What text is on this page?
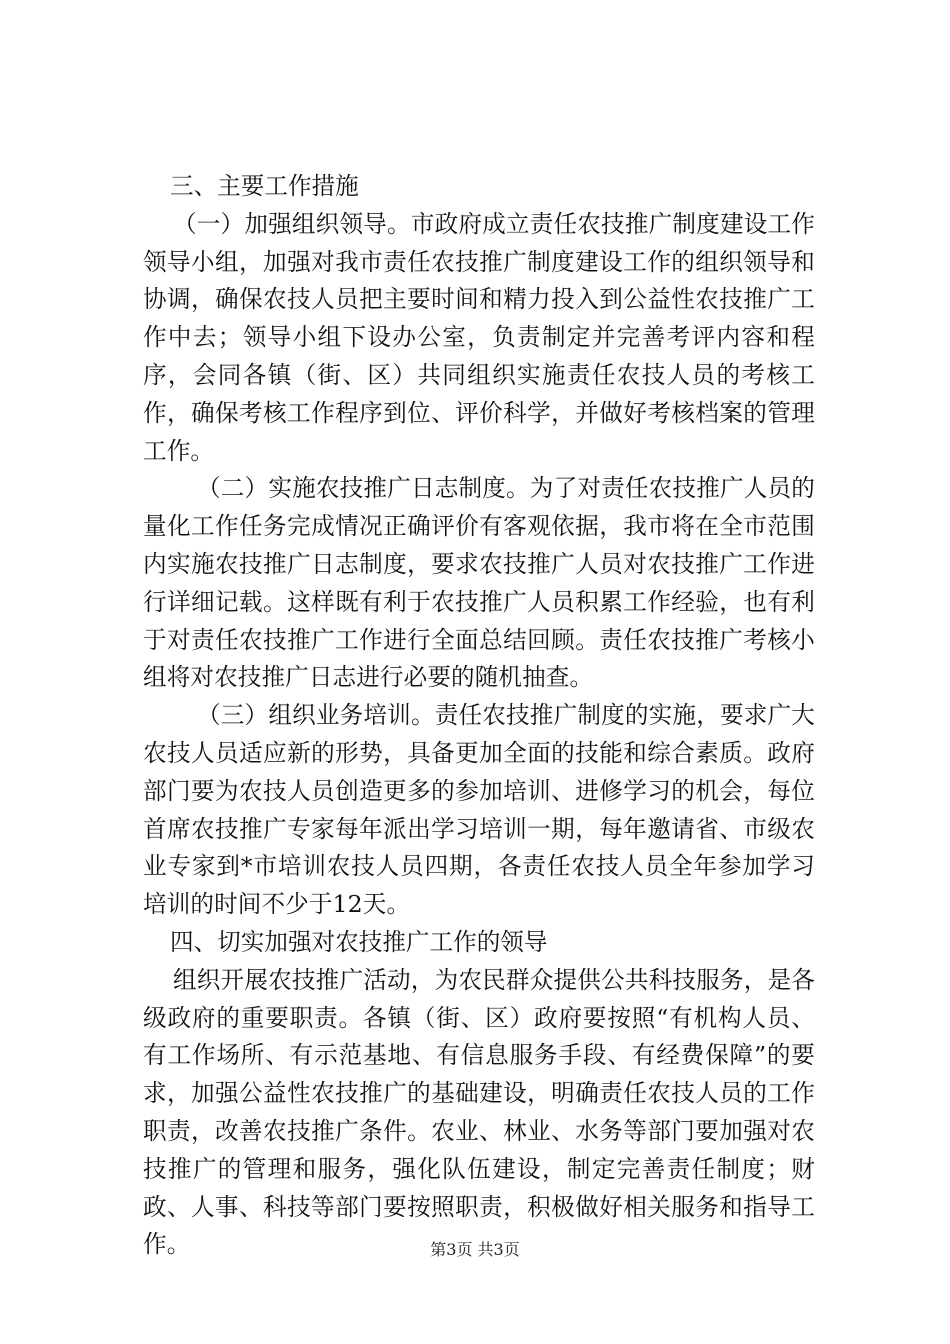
三、主要工作措施

（一）加强组织领导。市政府成立责任农技推广制度建设工作领导小组，加强对我市责任农技推广制度建设工作的组织领导和协调，确保农技人员把主要时间和精力投入到公益性农技推广工作中去；领导小组下设办公室，负责制定并完善考评内容和程序，会同各镇（街、区）共同组织实施责任农技人员的考核工作，确保考核工作程序到位、评价科学，并做好考核档案的管理工作。

（二）实施农技推广日志制度。为了对责任农技推广人员的量化工作任务完成情况正确评价有客观依据，我市将在全市范围内实施农技推广日志制度，要求农技推广人员对农技推广工作进行详细记载。这样既有利于农技推广人员积累工作经验，也有利于对责任农技推广工作进行全面总结回顾。责任农技推广考核小组将对农技推广日志进行必要的随机抽查。

（三）组织业务培训。责任农技推广制度的实施，要求广大农技人员适应新的形势，具备更加全面的技能和综合素质。政府部门要为农技人员创造更多的参加培训、进修学习的机会，每位首席农技推广专家每年派出学习培训一期，每年邀请省、市级农业专家到*市培训农技人员四期，各责任农技人员全年参加学习培训的时间不少于12天。

四、切实加强对农技推广工作的领导

组织开展农技推广活动，为农民群众提供公共科技服务，是各级政府的重要职责。各镇（街、区）政府要按照“有机构人员、有工作场所、有示范基地、有信息服务手段、有经费保障”的要求，加强公益性农技推广的基础建设，明确责任农技人员的工作职责，改善农技推广条件。农业、林业、水务等部门要加强对农技推广的管理和服务，强化队伍建设，制定完善责任制度；财政、人事、科技等部门要按照职责，积极做好相关服务和指导工作。	第3页 共3页
